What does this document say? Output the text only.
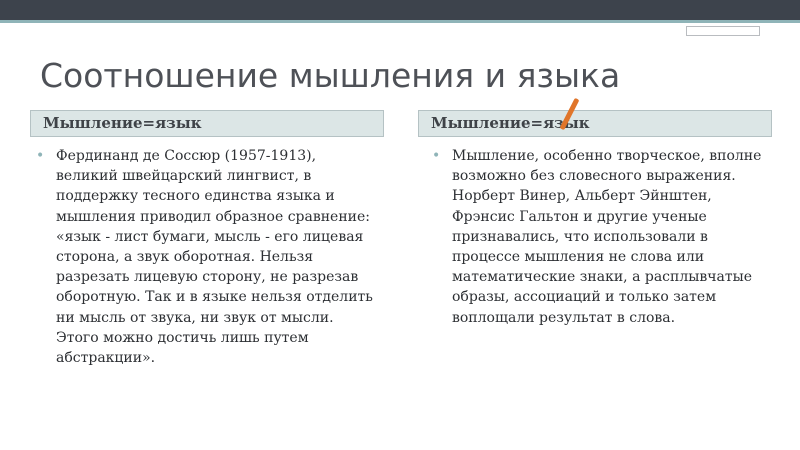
Соотношение мышления и языка
Мышление=язык	Мышление=язык
• Фердинанд де Соссюр (1957-1913), великий швейцарский лингвист, в поддержку тесного единства языка и мышления приводил образное сравнение: «язык - лист бумаги, мысль - его лицевая сторона, а звук оборотная. Нельзя разрезать лицевую сторону, не разрезав оборотную. Так и в языке нельзя отделить ни мысль от звука, ни звук от мысли. Этого можно достичь лишь путем абстракции».
• Мышление, особенно творческое, вполне возможно без словесного выражения. Норберт Винер, Альберт Эйнштен, Фрэнсис Гальтон и другие ученые признавались, что использовали в процессе мышления не слова или математические знаки, а расплывчатые образы, ассоциаций и только затем воплощали результат в слова.
